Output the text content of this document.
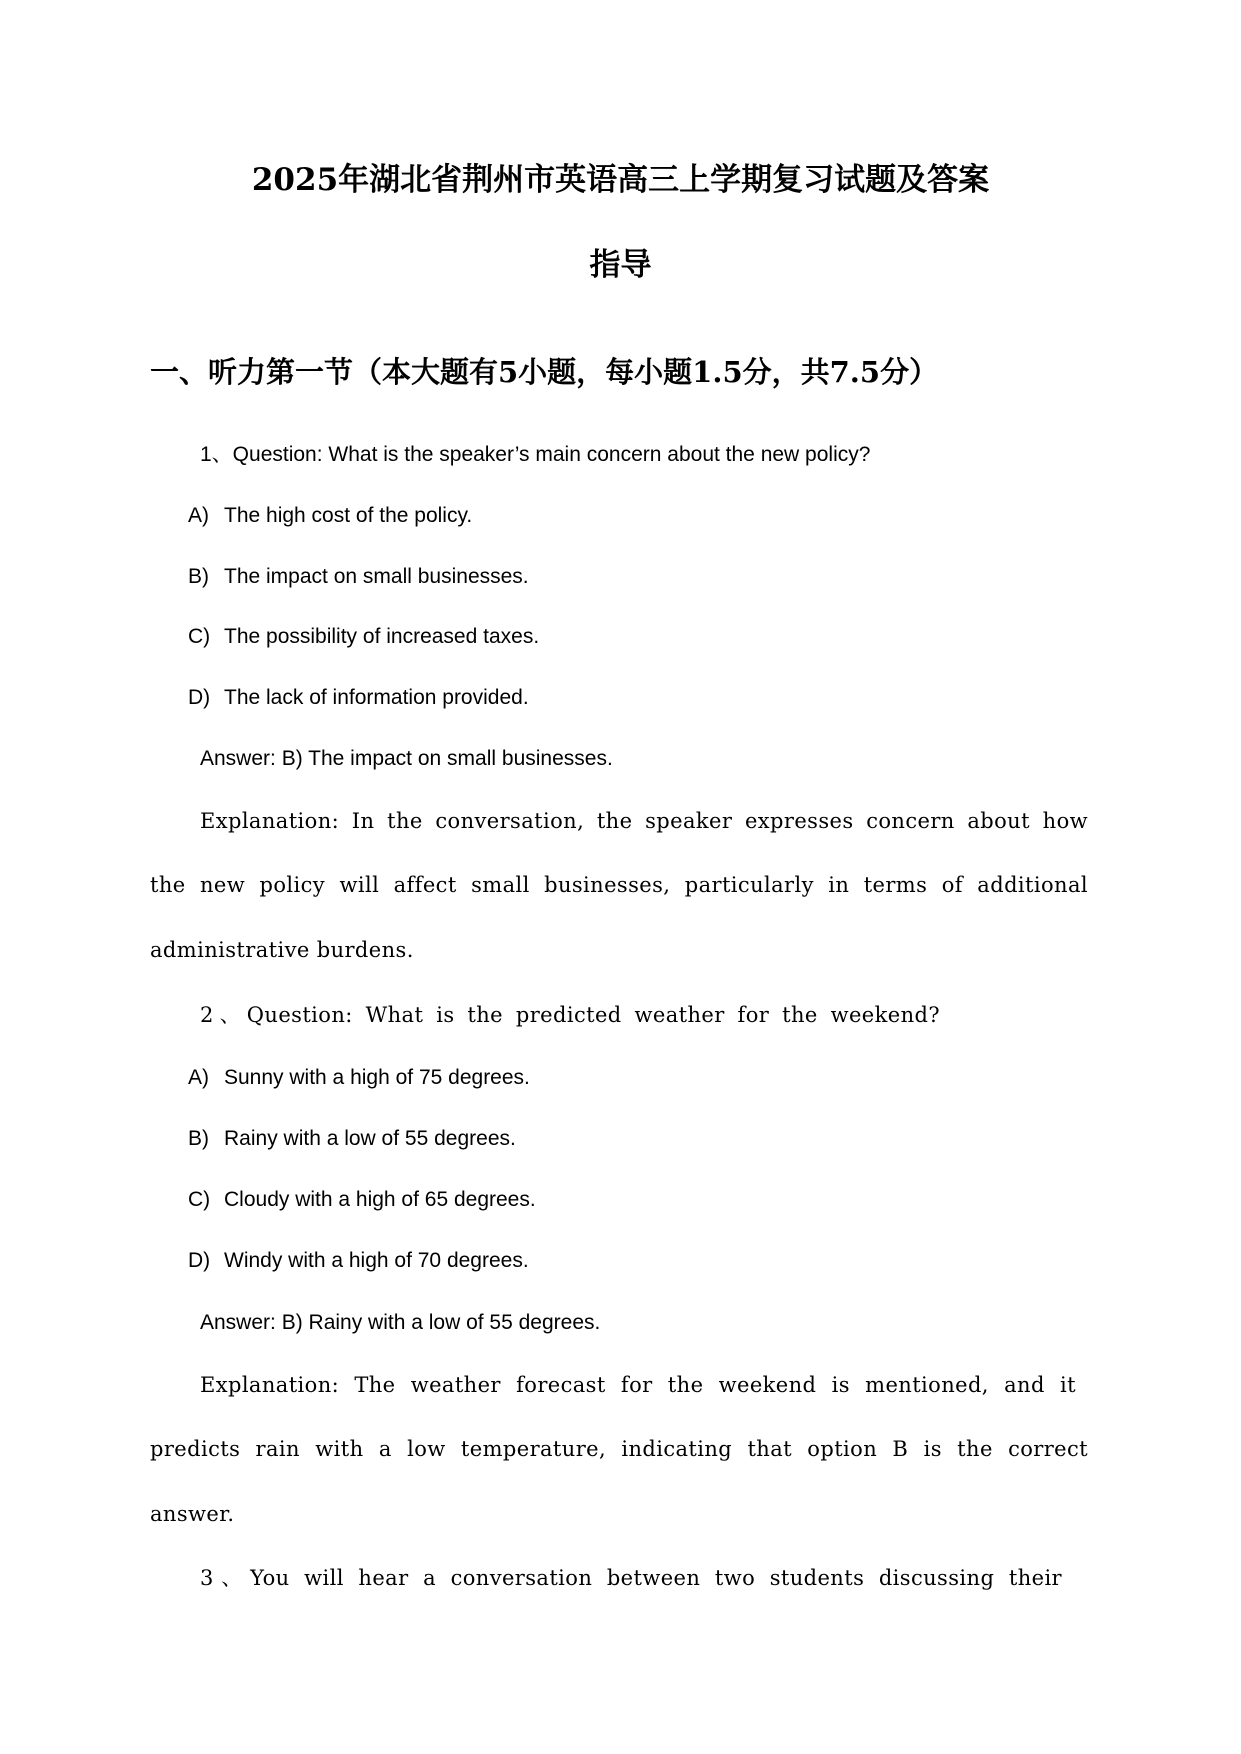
2025年湖北省荆州市英语高三上学期复习试题及答案
指导
一、听力第一节（本大题有5小题，每小题1.5分，共7.5分）
1、Question: What is the speaker’s main concern about the new policy?
A) The high cost of the policy.
B) The impact on small businesses.
C) The possibility of increased taxes.
D) The lack of information provided.
Answer: B) The impact on small businesses.
Explanation: In the conversation, the speaker expresses concern about how
the new policy will affect small businesses, particularly in terms of additional
administrative burdens.
2、Question: What is the predicted weather for the weekend?
A) Sunny with a high of 75 degrees.
B) Rainy with a low of 55 degrees.
C) Cloudy with a high of 65 degrees.
D) Windy with a high of 70 degrees.
Answer: B) Rainy with a low of 55 degrees.
Explanation: The weather forecast for the weekend is mentioned, and it
predicts rain with a low temperature, indicating that option B is the correct
answer.
3、You will hear a conversation between two students discussing their
